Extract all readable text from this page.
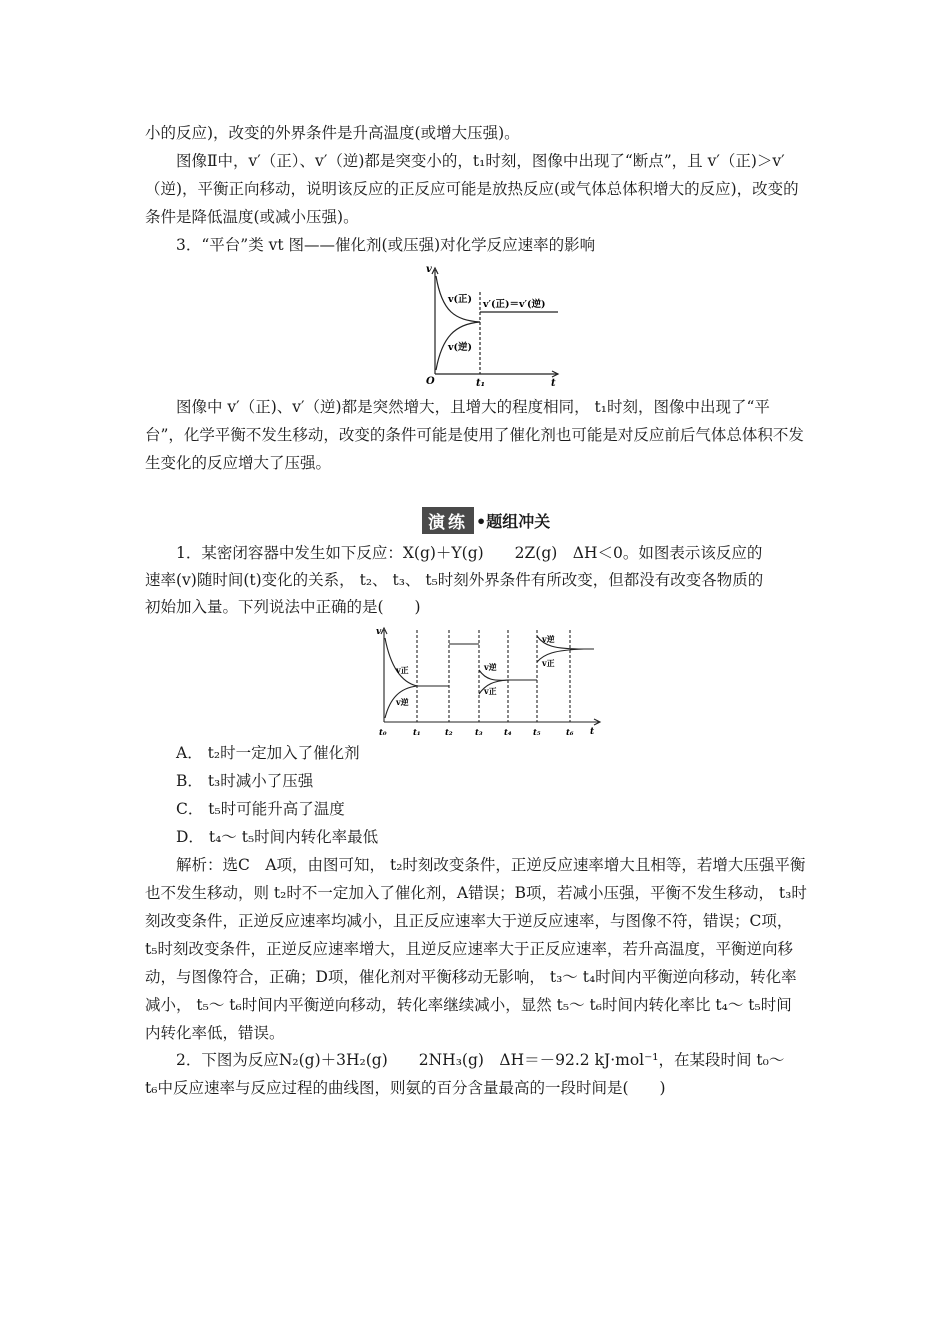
小的反应)，改变的外界条件是升高温度(或增大压强)。

图像Ⅱ中，v′（正）、v′（逆)都是突变小的，t₁时刻，图像中出现了“断点”，且 v′（正)＞v′（逆)，平衡正向移动，说明该反应的正反应可能是放热反应(或气体总体积增大的反应)，改变的条件是降低温度(或减小压强)。

3．“平台”类 vt 图——催化剂(或压强)对化学反应速率的影响

v
t
O	t₁
v(正)
v(逆)
v′(正)＝v′(逆)

图像中 v′（正)、v′（逆)都是突然增大，且增大的程度相同， t₁时刻，图像中出现了“平台”，化学平衡不发生移动，改变的条件可能是使用了催化剂也可能是对反应前后气体总体积不发生变化的反应增大了压强。

演练 •题组冲关
1．某密闭容器中发生如下反应：X(g)＋Y(g)　　2Z(g)　ΔH＜0。如图表示该反应的
速率(v)随时间(t)变化的关系， t₂、 t₃、 t₅时刻外界条件有所改变，但都没有改变各物质的
初始加入量。下列说法中正确的是(　　)
v
t
t₀	t₁	t₂	t₃	t₄	t₅	t₆
v正
v逆
v逆
v正
v逆
v正
A． t₂时一定加入了催化剂
B． t₃时减小了压强
C． t₅时可能升高了温度
D． t₄～ t₅时间内转化率最低

解析：选C　A项，由图可知， t₂时刻改变条件，正逆反应速率增大且相等，若增大压强平衡也不发生移动，则 t₂时不一定加入了催化剂，A错误；B项，若减小压强，平衡不发生移动， t₃时刻改变条件，正逆反应速率均减小，且正反应速率大于逆反应速率，与图像不符，错误；C项， t₅时刻改变条件，正逆反应速率增大，且逆反应速率大于正反应速率，若升高温度，平衡逆向移动，与图像符合，正确；D项，催化剂对平衡移动无影响， t₃～ t₄时间内平衡逆向移动，转化率减小， t₅～ t₆时间内平衡逆向移动，转化率继续减小，显然 t₅～ t₆时间内转化率比 t₄～ t₅时间内转化率低，错误。

2．下图为反应N₂(g)＋3H₂(g)　　2NH₃(g)　ΔH＝－92.2 kJ·mol⁻¹，在某段时间 t₀～
t₆中反应速率与反应过程的曲线图，则氨的百分含量最高的一段时间是(　　)
